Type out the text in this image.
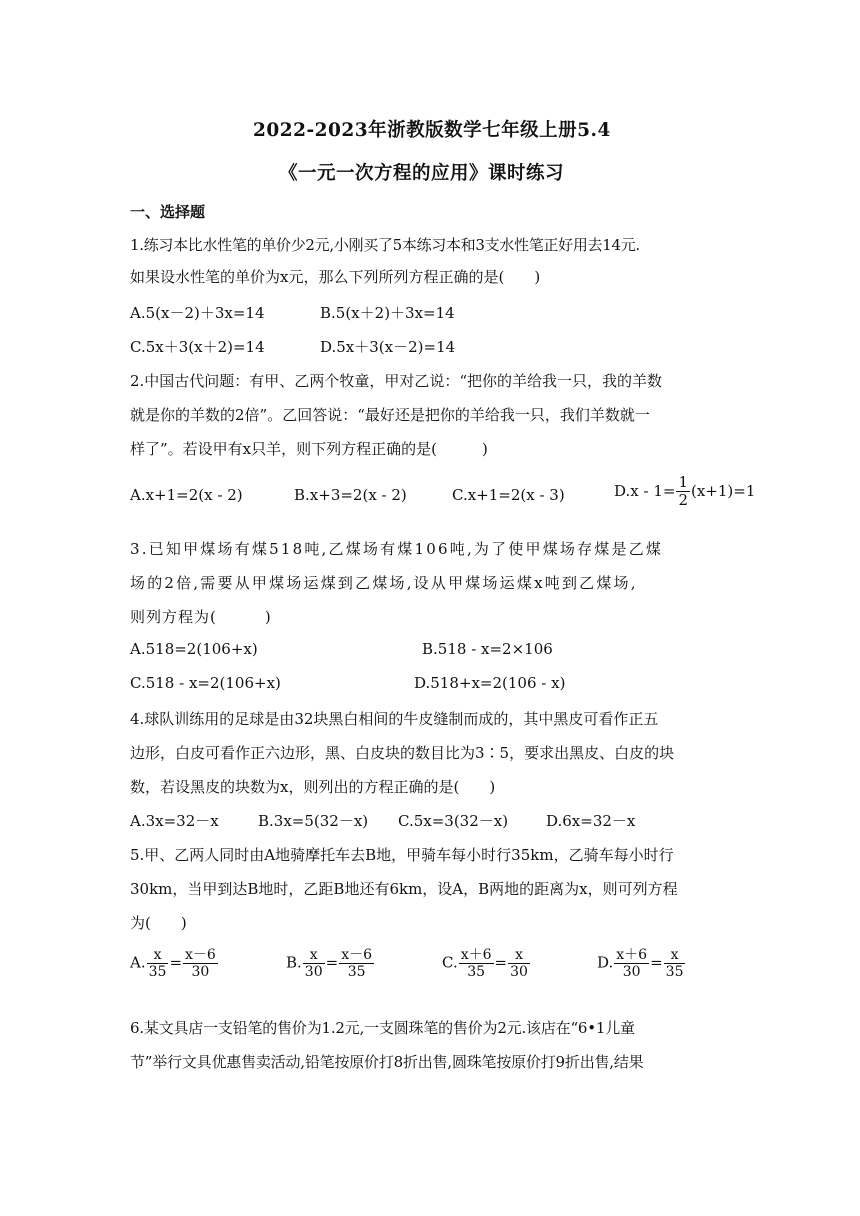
2022-2023年浙教版数学七年级上册5.4
《一元一次方程的应用》课时练习
一、选择题
1.练习本比水性笔的单价少2元,小刚买了5本练习本和3支水性笔正好用去14元.
如果设水性笔的单价为x元，那么下列所列方程正确的是(　　)
A.5(x－2)＋3x=14	B.5(x＋2)＋3x=14
C.5x＋3(x＋2)=14	D.5x＋3(x－2)=14
2.中国古代问题：有甲、乙两个牧童，甲对乙说：“把你的羊给我一只，我的羊数
就是你的羊数的2倍”。乙回答说：“最好还是把你的羊给我一只，我们羊数就一
样了”。若设甲有x只羊，则下列方程正确的是(　　　)
A.x+1=2(x - 2)	B.x+3=2(x - 2)	C.x+1=2(x - 3)	$D.x - 1= \frac{1}{2} (x+1)=1$
3.已知甲煤场有煤518吨,乙煤场有煤106吨,为了使甲煤场存煤是乙煤
场的2倍,需要从甲煤场运煤到乙煤场,设从甲煤场运煤x吨到乙煤场,
则列方程为(　　　)
A.518=2(106+x)	B.518 - x=2×106
C.518 - x=2(106+x)	D.518+x=2(106 - x)
4.球队训练用的足球是由32块黑白相间的牛皮缝制而成的，其中黑皮可看作正五
边形，白皮可看作正六边形，黑、白皮块的数目比为3∶5，要求出黑皮、白皮的块
数，若设黑皮的块数为x，则列出的方程正确的是(　　)
A.3x=32－x	B.3x=5(32－x) C.5x=3(32－x)	D.6x=32－x
5.甲、乙两人同时由A地骑摩托车去B地，甲骑车每小时行35km，乙骑车每小时行
30km，当甲到达B地时，乙距B地还有6km，设A，B两地的距离为x，则可列方程
为(　　)
A. $\frac{x}{35} = \frac{x-6}{30}$	B. $\frac{x}{30} = \frac{x-6}{35}$	C. $\frac{x+6}{35} = \frac{x}{30}$	D. $\frac{x+6}{30} = \frac{x}{35}$
6.某文具店一支铅笔的售价为1.2元,一支圆珠笔的售价为2元.该店在“6•1儿童
节”举行文具优惠售卖活动,铅笔按原价打8折出售,圆珠笔按原价打9折出售,结果
